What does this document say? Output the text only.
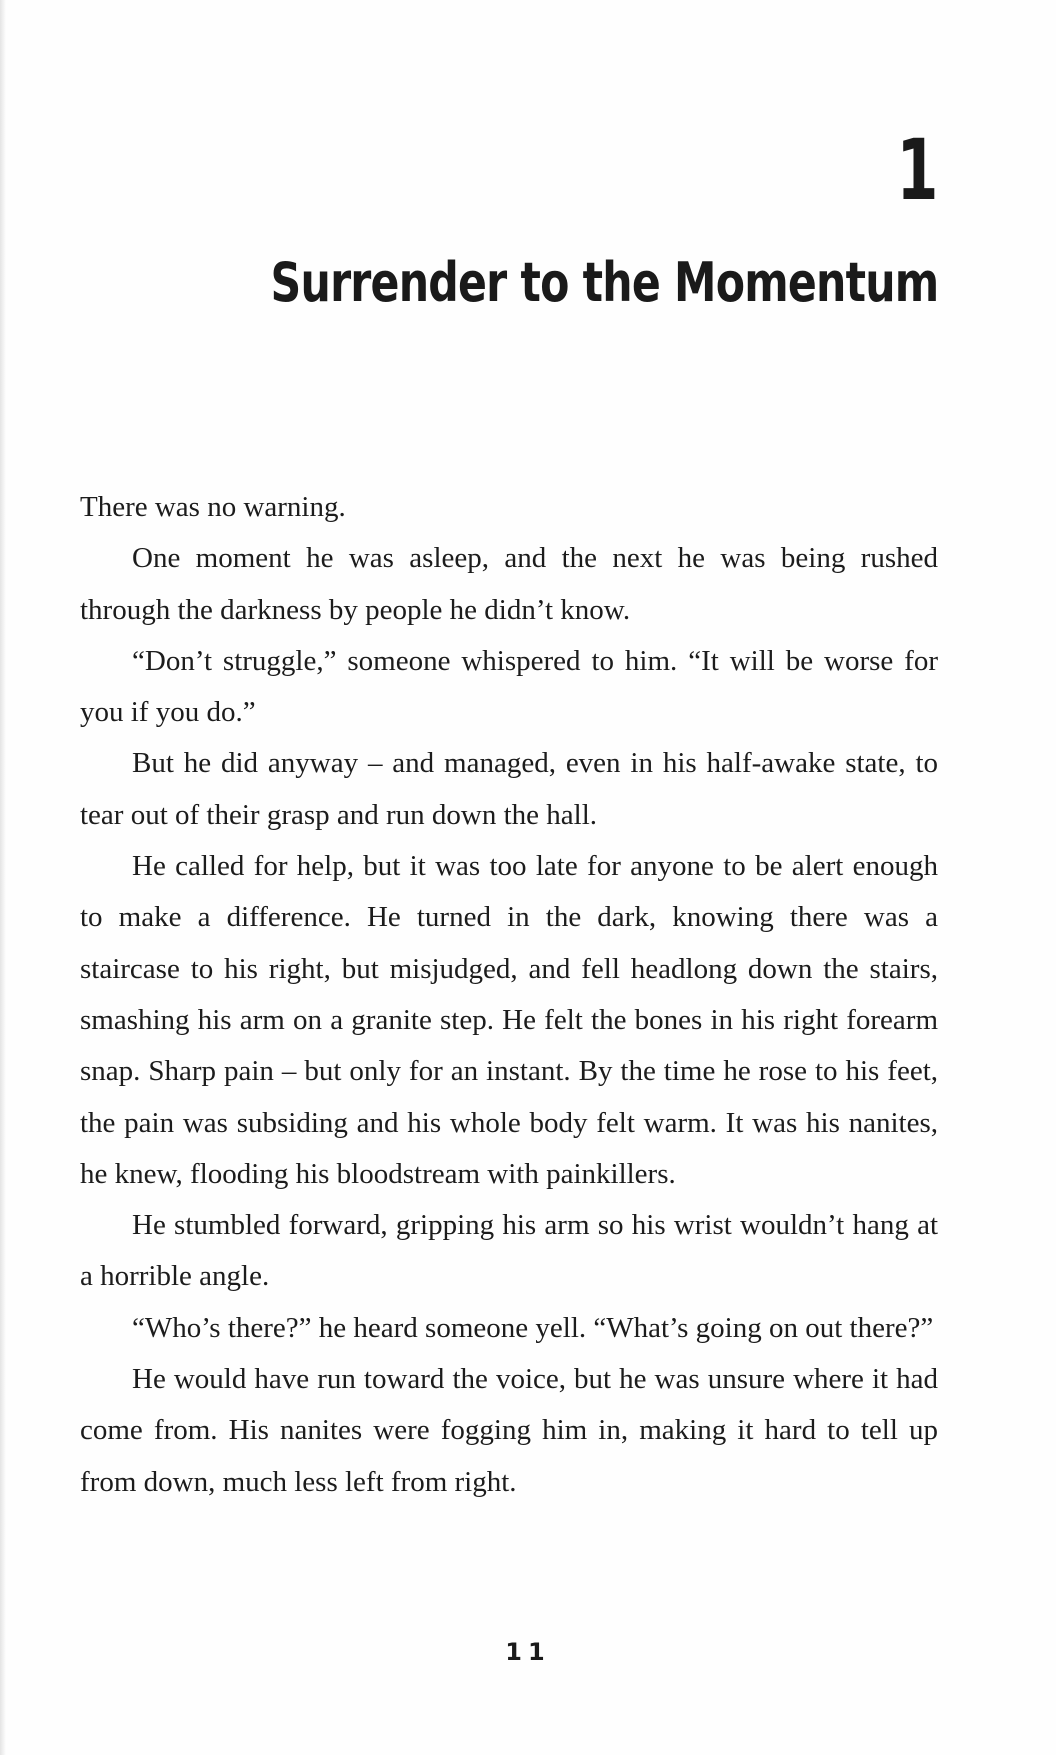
1
Surrender to the Momentum

There was no warning.

One moment he was asleep, and the next he was being rushed through the darkness by people he didn’t know.

“Don’t struggle,” someone whispered to him. “It will be worse for you if you do.”

But he did anyway – and managed, even in his half-awake state, to tear out of their grasp and run down the hall.

He called for help, but it was too late for anyone to be alert enough to make a difference. He turned in the dark, knowing there was a staircase to his right, but misjudged, and fell headlong down the stairs, smashing his arm on a granite step. He felt the bones in his right forearm snap. Sharp pain – but only for an instant. By the time he rose to his feet, the pain was subsiding and his whole body felt warm. It was his nanites, he knew, flooding his bloodstream with painkillers.

He stumbled forward, gripping his arm so his wrist wouldn’t hang at a horrible angle.

“Who’s there?” he heard someone yell. “What’s going on out there?”

He would have run toward the voice, but he was unsure where it had come from. His nanites were fogging him in, making it hard to tell up from down, much less left from right.

11
